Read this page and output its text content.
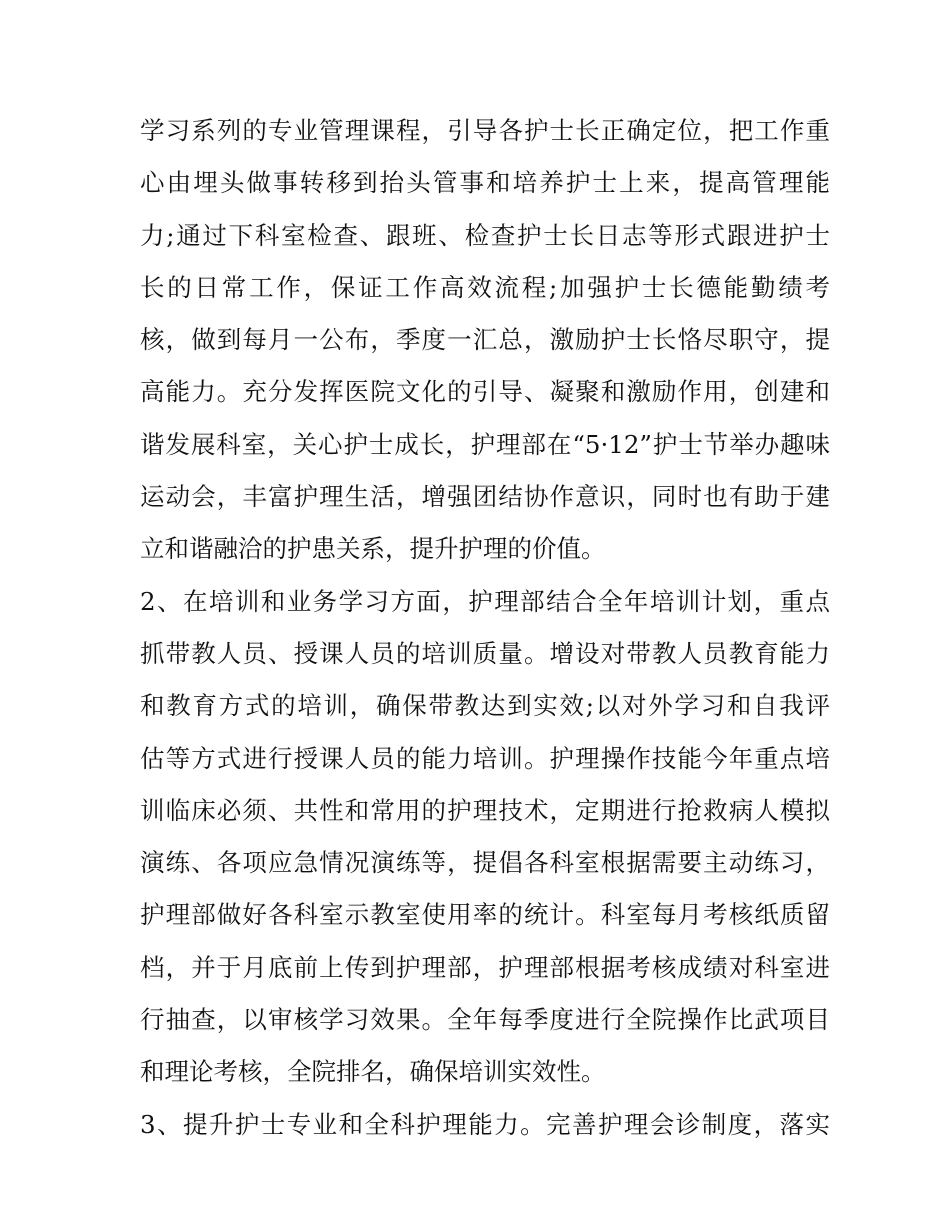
学习系列的专业管理课程，引导各护士长正确定位，把工作重
心由埋头做事转移到抬头管事和培养护士上来，提高管理能
力;通过下科室检查、跟班、检查护士长日志等形式跟进护士
长的日常工作，保证工作高效流程;加强护士长德能勤绩考
核，做到每月一公布，季度一汇总，激励护士长恪尽职守，提
高能力。充分发挥医院文化的引导、凝聚和激励作用，创建和
谐发展科室，关心护士成长，护理部在“5·12”护士节举办趣味
运动会，丰富护理生活，增强团结协作意识，同时也有助于建
立和谐融洽的护患关系，提升护理的价值。
2、在培训和业务学习方面，护理部结合全年培训计划，重点
抓带教人员、授课人员的培训质量。增设对带教人员教育能力
和教育方式的培训，确保带教达到实效;以对外学习和自我评
估等方式进行授课人员的能力培训。护理操作技能今年重点培
训临床必须、共性和常用的护理技术，定期进行抢救病人模拟
演练、各项应急情况演练等，提倡各科室根据需要主动练习，
护理部做好各科室示教室使用率的统计。科室每月考核纸质留
档，并于月底前上传到护理部，护理部根据考核成绩对科室进
行抽查，以审核学习效果。全年每季度进行全院操作比武项目
和理论考核，全院排名，确保培训实效性。
3、提升护士专业和全科护理能力。完善护理会诊制度，落实
